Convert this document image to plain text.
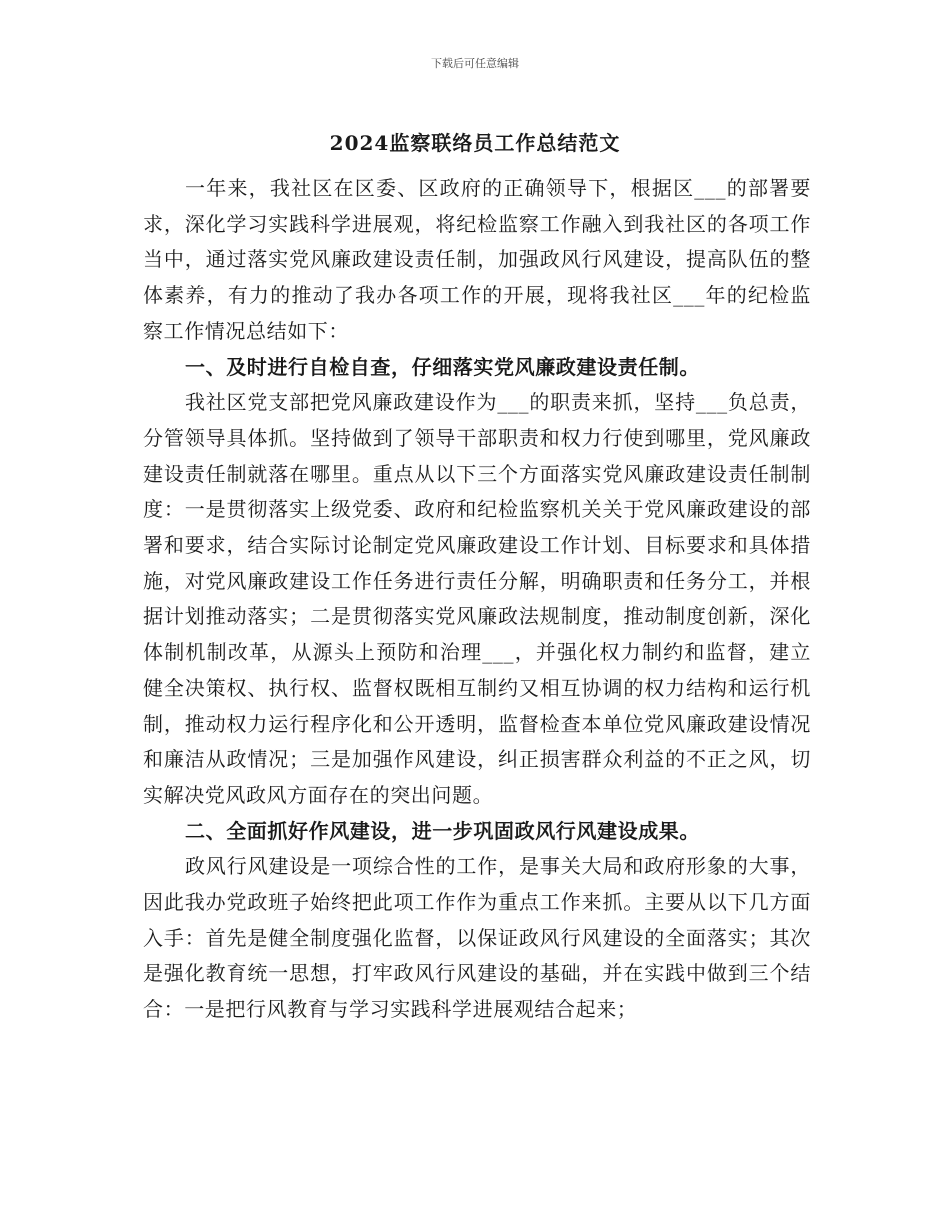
下载后可任意编辑
2024监察联络员工作总结范文

一年来，我社区在区委、区政府的正确领导下，根据区___的部署要求，深化学习实践科学进展观，将纪检监察工作融入到我社区的各项工作当中，通过落实党风廉政建设责任制，加强政风行风建设，提高队伍的整体素养，有力的推动了我办各项工作的开展，现将我社区___年的纪检监察工作情况总结如下：

一、及时进行自检自查，仔细落实党风廉政建设责任制。

我社区党支部把党风廉政建设作为___的职责来抓，坚持___负总责，分管领导具体抓。坚持做到了领导干部职责和权力行使到哪里，党风廉政建设责任制就落在哪里。重点从以下三个方面落实党风廉政建设责任制制度：一是贯彻落实上级党委、政府和纪检监察机关关于党风廉政建设的部署和要求，结合实际讨论制定党风廉政建设工作计划、目标要求和具体措施，对党风廉政建设工作任务进行责任分解，明确职责和任务分工，并根据计划推动落实；二是贯彻落实党风廉政法规制度，推动制度创新，深化体制机制改革，从源头上预防和治理___，并强化权力制约和监督，建立健全决策权、执行权、监督权既相互制约又相互协调的权力结构和运行机制，推动权力运行程序化和公开透明，监督检查本单位党风廉政建设情况和廉洁从政情况；三是加强作风建设，纠正损害群众利益的不正之风，切实解决党风政风方面存在的突出问题。

二、全面抓好作风建设，进一步巩固政风行风建设成果。

政风行风建设是一项综合性的工作，是事关大局和政府形象的大事，因此我办党政班子始终把此项工作作为重点工作来抓。主要从以下几方面入手：首先是健全制度强化监督，以保证政风行风建设的全面落实；其次是强化教育统一思想，打牢政风行风建设的基础，并在实践中做到三个结合：一是把行风教育与学习实践科学进展观结合起来；
